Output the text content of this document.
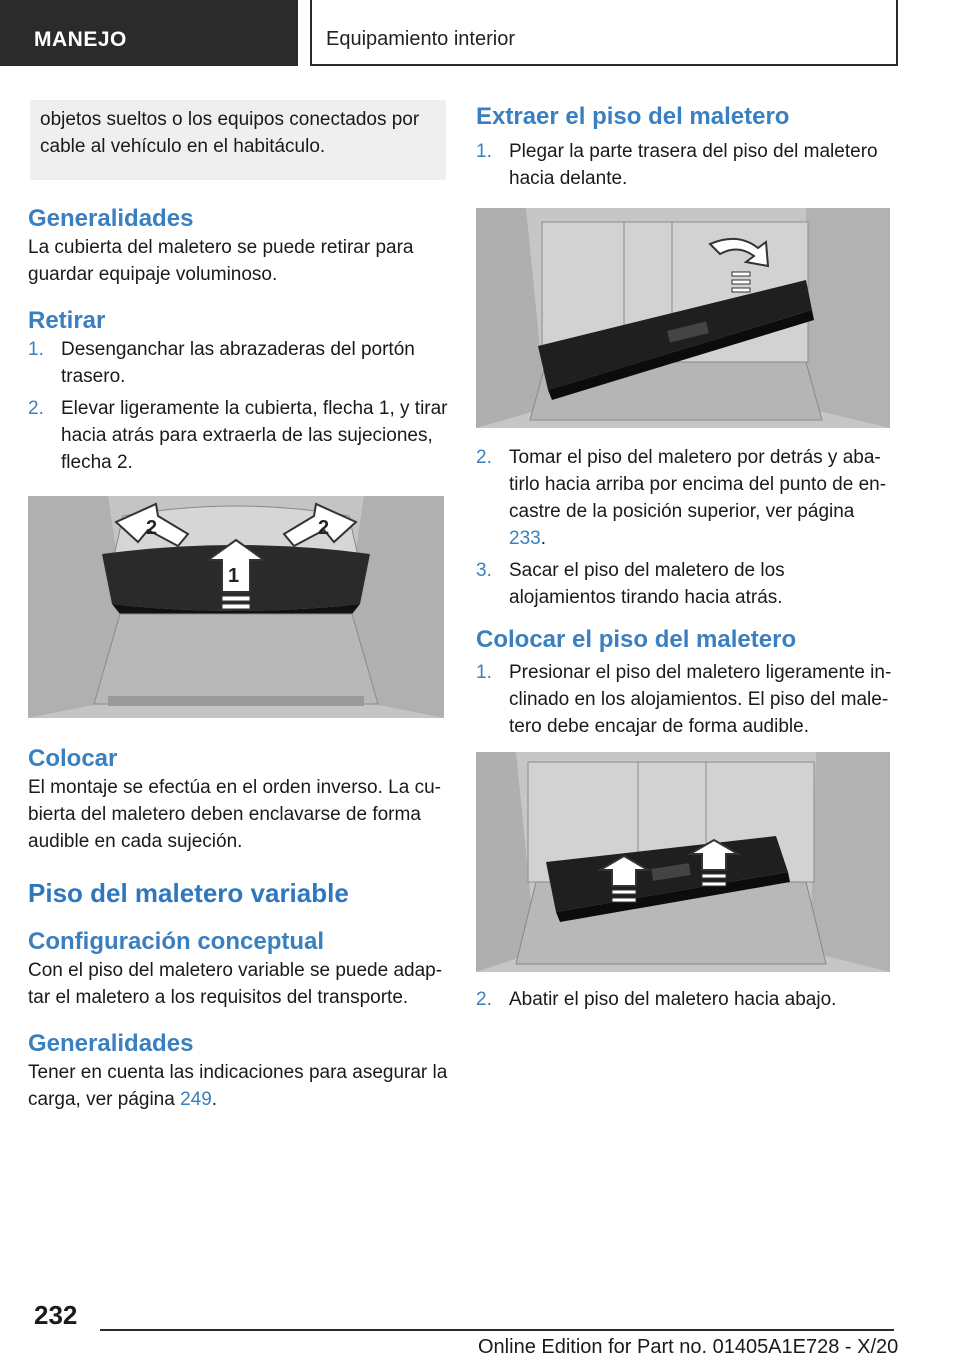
MANEJO	Equipamiento interior
objetos sueltos o los equipos conectados por cable al vehículo en el habitáculo.
Generalidades

La cubierta del maletero se puede retirar para guardar equipaje voluminoso.

Retirar
1. Desenganchar las abrazaderas del portón trasero.
2. Elevar ligeramente la cubierta, flecha 1, y tirar hacia atrás para extraerla de las sujeciones, flecha 2.
2	2
1
Colocar

El montaje se efectúa en el orden inverso. La cubierta del maletero deben enclavarse de forma audible en cada sujeción.

Piso del maletero variable
Configuración conceptual

Con el piso del maletero variable se puede adaptar el maletero a los requisitos del transporte.

Generalidades

Tener en cuenta las indicaciones para asegurar la carga, ver página 249.

Extraer el piso del maletero
1. Plegar la parte trasera del piso del maletero hacia delante.
2. Tomar el piso del maletero por detrás y abatirlo hacia arriba por encima del punto de encastre de la posición superior, ver página 233.
3. Sacar el piso del maletero de los alojamientos tirando hacia atrás.
Colocar el piso del maletero
1. Presionar el piso del maletero ligeramente inclinado en los alojamientos. El piso del maletero debe encajar de forma audible.
2. Abatir el piso del maletero hacia abajo.
232
Online Edition for Part no. 01405A1E728 - X/20
